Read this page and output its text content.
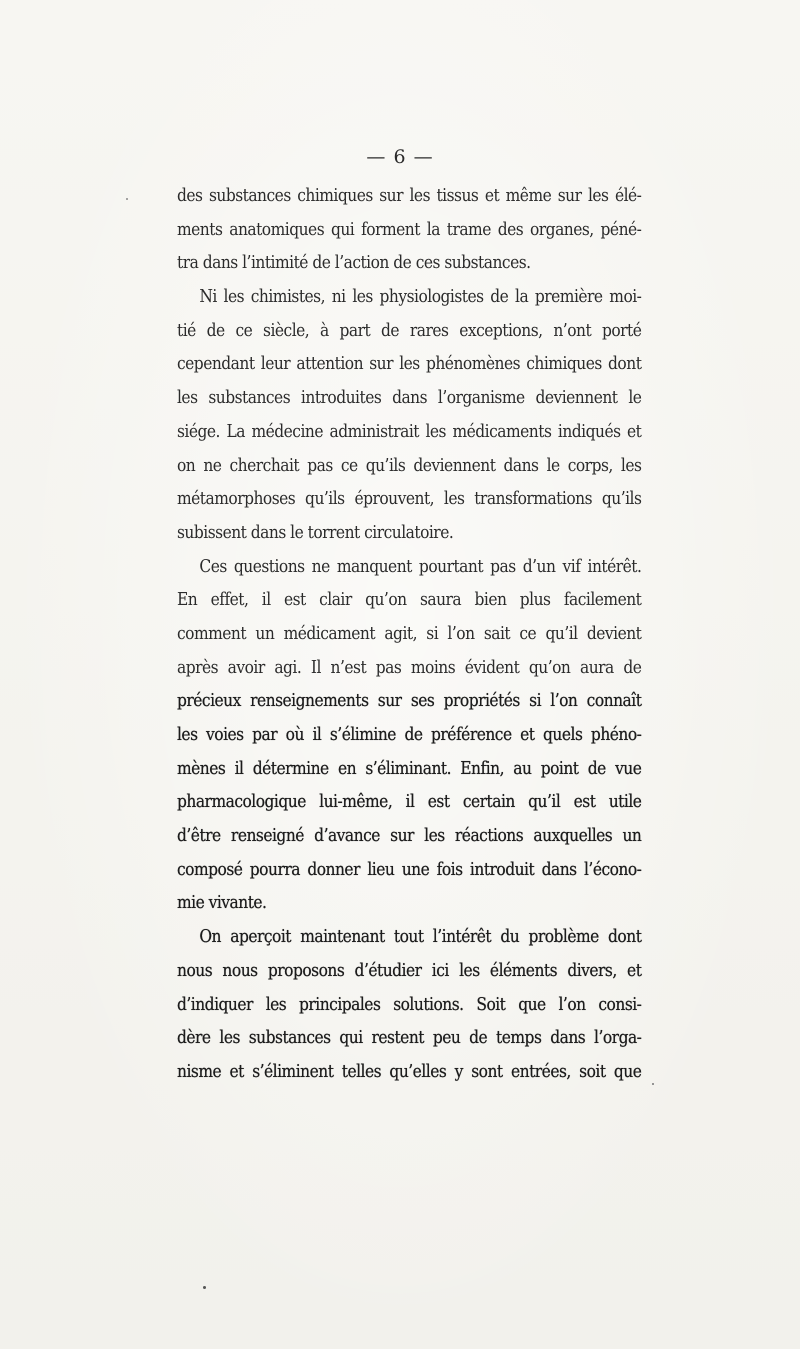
— 6 —
des substances chimiques sur les tissus et même sur les élé-
ments anatomiques qui forment la trame des organes, péné-
tra dans l’intimité de l’action de ces substances.
Ni les chimistes, ni les physiologistes de la première moi-
tié de ce siècle, à part de rares exceptions, n’ont porté
cependant leur attention sur les phénomènes chimiques dont
les substances introduites dans l’organisme deviennent le
siége. La médecine administrait les médicaments indiqués et
on ne cherchait pas ce qu’ils deviennent dans le corps, les
métamorphoses qu’ils éprouvent, les transformations qu’ils
subissent dans le torrent circulatoire.
Ces questions ne manquent pourtant pas d’un vif intérêt.
En effet, il est clair qu’on saura bien plus facilement
comment un médicament agit, si l’on sait ce qu’il devient
après avoir agi. Il n’est pas moins évident qu’on aura de
précieux renseignements sur ses propriétés si l’on connaît
les voies par où il s’élimine de préférence et quels phéno-
mènes il détermine en s’éliminant. Enfin, au point de vue
pharmacologique lui-même, il est certain qu’il est utile
d’être renseigné d’avance sur les réactions auxquelles un
composé pourra donner lieu une fois introduit dans l’écono-
mie vivante.
On aperçoit maintenant tout l’intérêt du problème dont
nous nous proposons d’étudier ici les éléments divers, et
d’indiquer les principales solutions. Soit que l’on consi-
dère les substances qui restent peu de temps dans l’orga-
nisme et s’éliminent telles qu’elles y sont entrées, soit que
